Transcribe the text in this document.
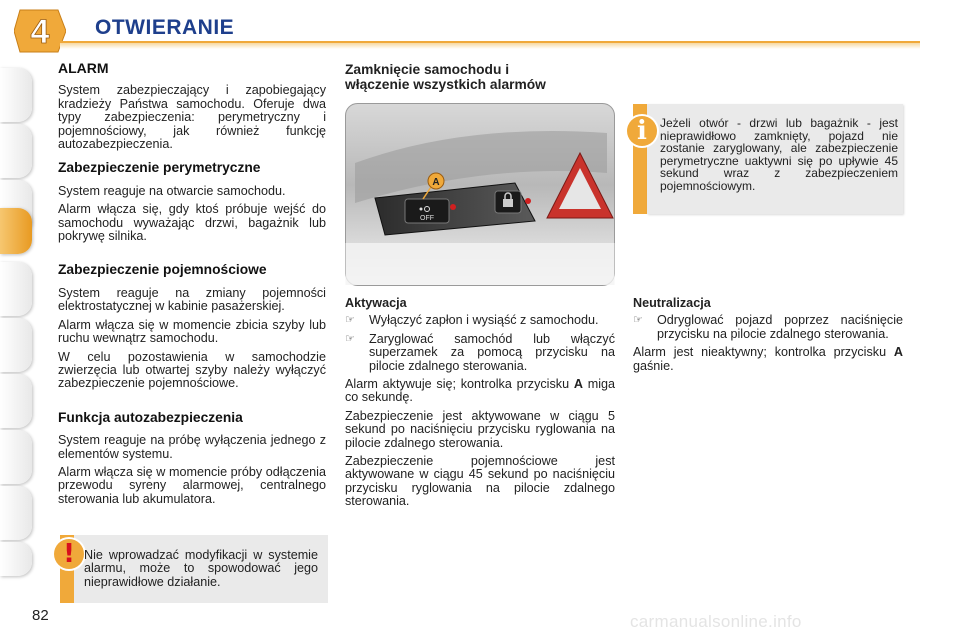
4 OTWIERANIE
ALARM

System zabezpieczający i zapobiegający kradzieży Państwa samochodu. Oferuje dwa typy zabezpieczenia: perymetryczny i pojemnościowy, jak również funkcję autozabezpieczenia.

Zabezpieczenie perymetryczne

System reaguje na otwarcie samochodu.

Alarm włącza się, gdy ktoś próbuje wejść do samochodu wyważając drzwi, bagażnik lub pokrywę silnika.

Zabezpieczenie pojemnościowe

System reaguje na zmiany pojemności elektrostatycznej w kabinie pasażerskiej.

Alarm włącza się w momencie zbicia szyby lub ruchu wewnątrz samochodu.

W celu pozostawienia w samochodzie zwierzęcia lub otwartej szyby należy wyłączyć zabezpieczenie pojemnościowe.

Funkcja autozabezpieczenia

System reaguje na próbę wyłączenia jednego z elementów systemu.

Alarm włącza się w momencie próby odłączenia przewodu syreny alarmowej, centralnego sterowania lub akumulatora.

! Nie wprowadzać modyfikacji w systemie alarmu, może to spowodować jego nieprawidłowe działanie.
Zamknięcie samochodu i
włączenie wszystkich alarmów
OFF
A
Aktywacja
☞	Wyłączyć zapłon i wysiąść z samochodu.
☞	Zaryglować samochód lub włączyć superzamek za pomocą przycisku na pilocie zdalnego sterowania.

Alarm aktywuje się; kontrolka przycisku A miga co sekundę.

Zabezpieczenie jest aktywowane w ciągu 5 sekund po naciśnięciu przycisku ryglowania na pilocie zdalnego sterowania.

Zabezpieczenie pojemnościowe jest aktywowane w ciągu 45 sekund po naciśnięciu przycisku ryglowania na pilocie zdalnego sterowania.

i Jeżeli otwór - drzwi lub bagażnik - jest nieprawidłowo zamknięty, pojazd nie zostanie zaryglowany, ale zabezpieczenie perymetryczne uaktywni się po upływie 45 sekund wraz z zabezpieczeniem pojemnościowym.
Neutralizacja
☞	Odryglować pojazd poprzez naciśnięcie przycisku na pilocie zdalnego sterowania.

Alarm jest nieaktywny; kontrolka przycisku A gaśnie.

82	carmanualsonline.info
